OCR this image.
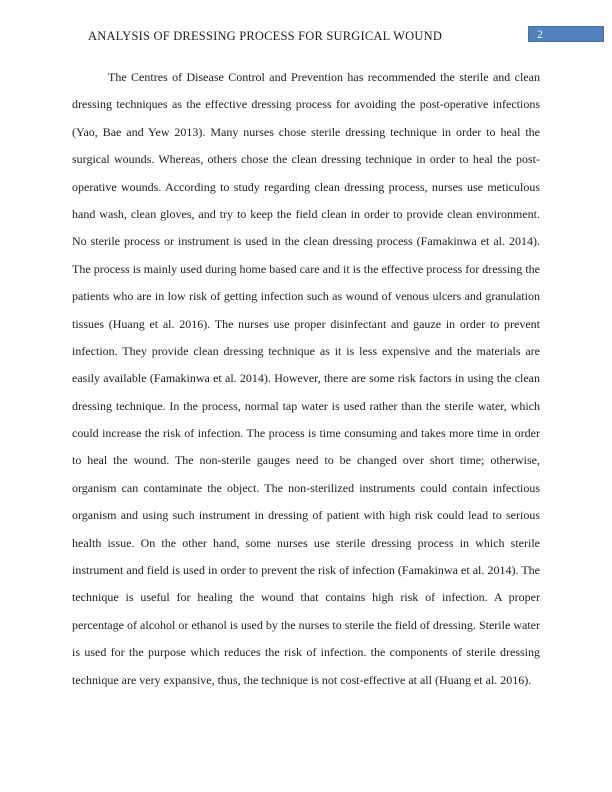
ANALYSIS OF DRESSING PROCESS FOR SURGICAL WOUND	2
The Centres of Disease Control and Prevention has recommended the sterile and clean
dressing techniques as the effective dressing process for avoiding the post-operative infections
(Yao, Bae and Yew 2013). Many nurses chose sterile dressing technique in order to heal the
surgical wounds. Whereas, others chose the clean dressing technique in order to heal the post-
operative wounds. According to study regarding clean dressing process, nurses use meticulous
hand wash, clean gloves, and try to keep the field clean in order to provide clean environment.
No sterile process or instrument is used in the clean dressing process (Famakinwa et al. 2014).
The process is mainly used during home based care and it is the effective process for dressing the
patients who are in low risk of getting infection such as wound of venous ulcers and granulation
tissues (Huang et al. 2016). The nurses use proper disinfectant and gauze in order to prevent
infection. They provide clean dressing technique as it is less expensive and the materials are
easily available (Famakinwa et al. 2014). However, there are some risk factors in using the clean
dressing technique. In the process, normal tap water is used rather than the sterile water, which
could increase the risk of infection. The process is time consuming and takes more time in order
to heal the wound. The non-sterile gauges need to be changed over short time; otherwise,
organism can contaminate the object. The non-sterilized instruments could contain infectious
organism and using such instrument in dressing of patient with high risk could lead to serious
health issue. On the other hand, some nurses use sterile dressing process in which sterile
instrument and field is used in order to prevent the risk of infection (Famakinwa et al. 2014). The
technique is useful for healing the wound that contains high risk of infection. A proper
percentage of alcohol or ethanol is used by the nurses to sterile the field of dressing. Sterile water
is used for the purpose which reduces the risk of infection. the components of sterile dressing
technique are very expansive, thus, the technique is not cost-effective at all (Huang et al. 2016).
